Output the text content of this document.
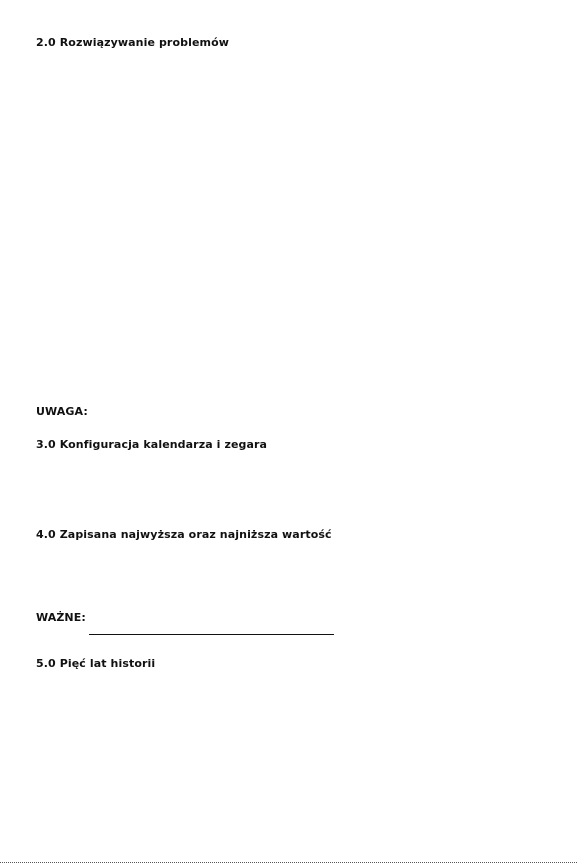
2.0 Rozwiązywanie problemów
UWAGA:
3.0 Konfiguracja kalendarza i zegara
4.0 Zapisana najwyższa oraz najniższa wartość
WAŻNE:
5.0 Pięć lat historii
